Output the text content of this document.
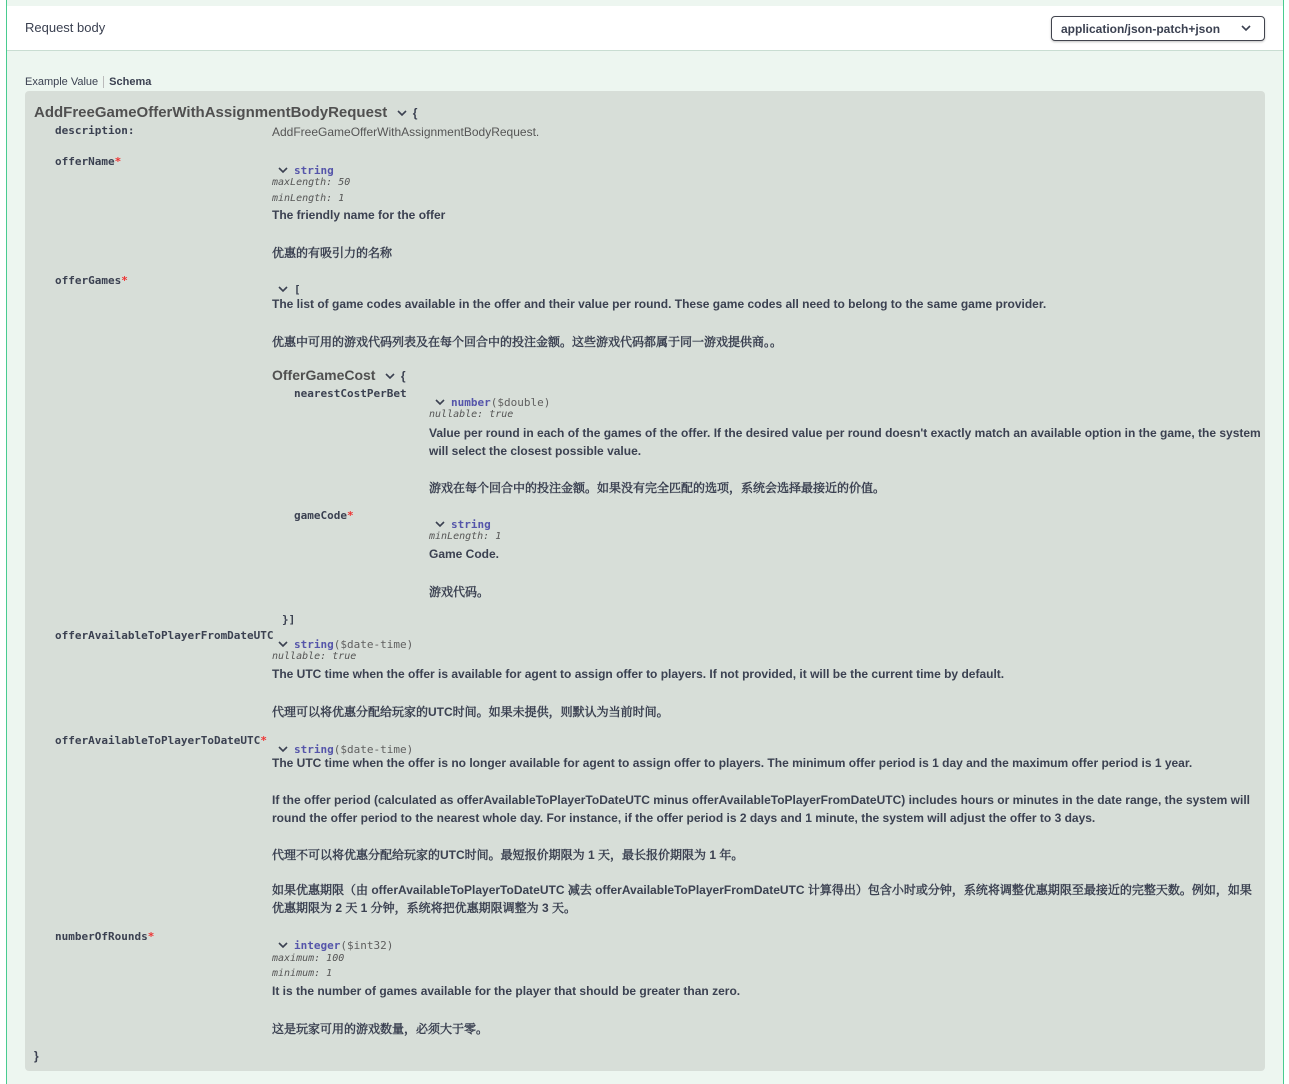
Request body	application/json-patch+json
Example Value Schema
AddFreeGameOfferWithAssignmentBodyRequest {
description:	AddFreeGameOfferWithAssignmentBodyRequest.
offerName*
string
maxLength: 50
minLength: 1
The friendly name for the offer
优惠的有吸引力的名称
offerGames*
[
The list of game codes available in the offer and their value per round. These game codes all need to belong to the same game provider.
优惠中可用的游戏代码列表及在每个回合中的投注金额。这些游戏代码都属于同一游戏提供商。。
OfferGameCost {
nearestCostPerBet
number($double)
nullable: true
Value per round in each of the games of the offer. If the desired value per round doesn't exactly match an available option in the game, the system will select the closest possible value.
游戏在每个回合中的投注金额。如果没有完全匹配的选项，系统会选择最接近的价值。
gameCode*
string
minLength: 1
Game Code.
游戏代码。
}]
offerAvailableToPlayerFromDateUTC
string($date-time)
nullable: true
The UTC time when the offer is available for agent to assign offer to players. If not provided, it will be the current time by default.
代理可以将优惠分配给玩家的UTC时间。如果未提供，则默认为当前时间。
offerAvailableToPlayerToDateUTC*
string($date-time)
The UTC time when the offer is no longer available for agent to assign offer to players. The minimum offer period is 1 day and the maximum offer period is 1 year.
If the offer period (calculated as offerAvailableToPlayerToDateUTC minus offerAvailableToPlayerFromDateUTC) includes hours or minutes in the date range, the system will round the offer period to the nearest whole day. For instance, if the offer period is 2 days and 1 minute, the system will adjust the offer to 3 days.
代理不可以将优惠分配给玩家的UTC时间。最短报价期限为 1 天，最长报价期限为 1 年。
如果优惠期限（由 offerAvailableToPlayerToDateUTC 减去 offerAvailableToPlayerFromDateUTC 计算得出）包含小时或分钟，系统将调整优惠期限至最接近的完整天数。例如，如果优惠期限为 2 天 1 分钟，系统将把优惠期限调整为 3 天。
numberOfRounds*
integer($int32)
maximum: 100
minimum: 1
It is the number of games available for the player that should be greater than zero.
这是玩家可用的游戏数量，必须大于零。
}
